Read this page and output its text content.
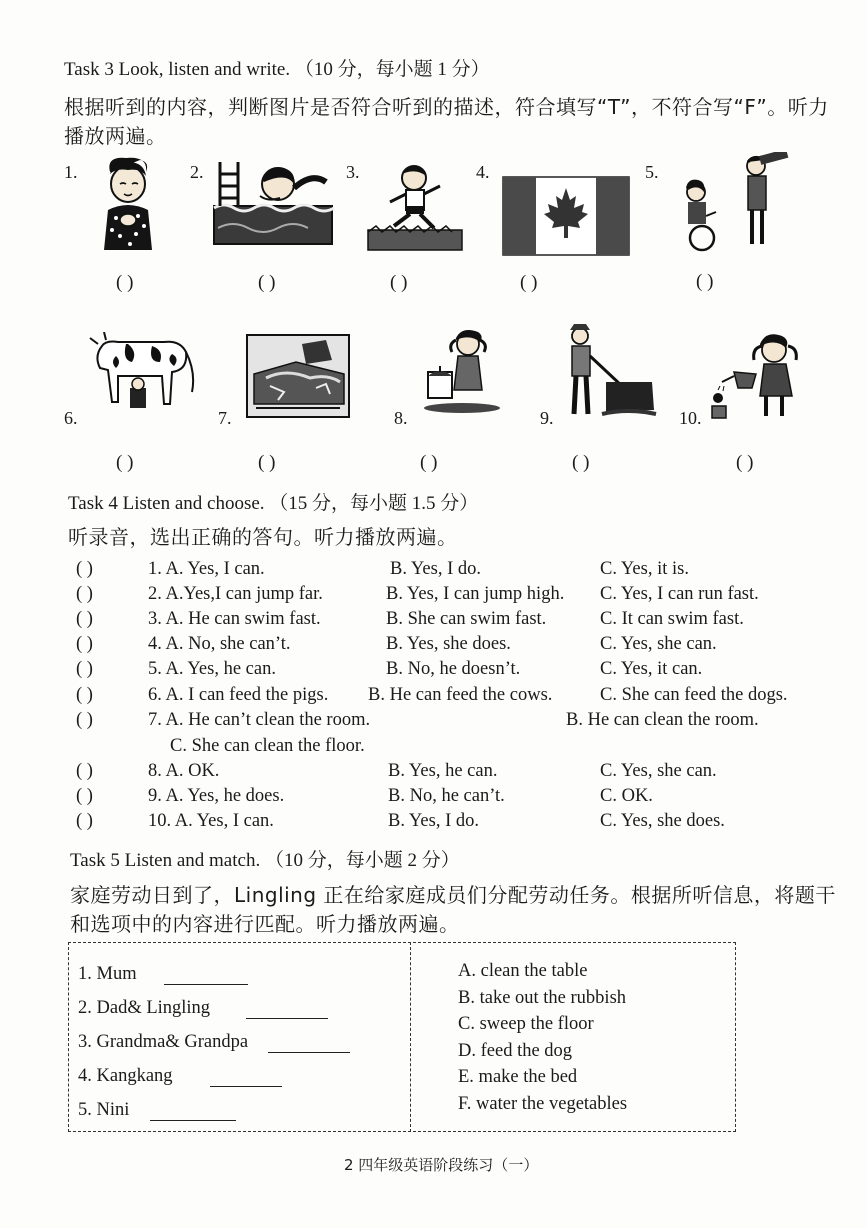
Task 3 Look, listen and write. （10 分，每小题 1 分）
根据听到的内容，判断图片是否符合听到的描述，符合填写“T”，不符合写“F”。听力
播放两遍。
1.	2.	3.	4.	5.
( )	( )	( )	( )	( )
6.	7.	8.	9.	10.
( )	( )	( )	( )	( )
Task 4 Listen and choose. （15 分，每小题 1.5 分）
听录音，选出正确的答句。听力播放两遍。
( )	1. A. Yes, I can.	B. Yes, I do.	C. Yes, it is.
( )	2. A.Yes,I can jump far.	B. Yes, I can jump high. C. Yes, I can run fast.
( )	3. A. He can swim fast.	B. She can swim fast.	C. It can swim fast.
( )	4. A. No, she can’t.	B. Yes, she does.	C. Yes, she can.
( )	5. A. Yes, he can.	B. No, he doesn’t.	C. Yes, it can.
( )	6. A. I can feed the pigs. B. He can feed the cows.	C. She can feed the dogs.
( )	7. A. He can’t clean the room.	B. He can clean the room.
C. She can clean the floor.
( )	8. A. OK.	B. Yes, he can.	C. Yes, she can.
( )	9. A. Yes, he does.	B. No, he can’t.	C. OK.
( )	10. A. Yes, I can.	B. Yes, I do.	C. Yes, she does.
Task 5 Listen and match. （10 分，每小题 2 分）
家庭劳动日到了，Lingling 正在给家庭成员们分配劳动任务。根据所听信息，将题干
和选项中的内容进行匹配。听力播放两遍。
1. Mum
2. Dad& Lingling
3. Grandma& Grandpa
4. Kangkang
5. Nini
A. clean the table
B. take out the rubbish
C. sweep the floor
D. feed the dog
E. make the bed
F. water the vegetables
2 四年级英语阶段练习（一）
